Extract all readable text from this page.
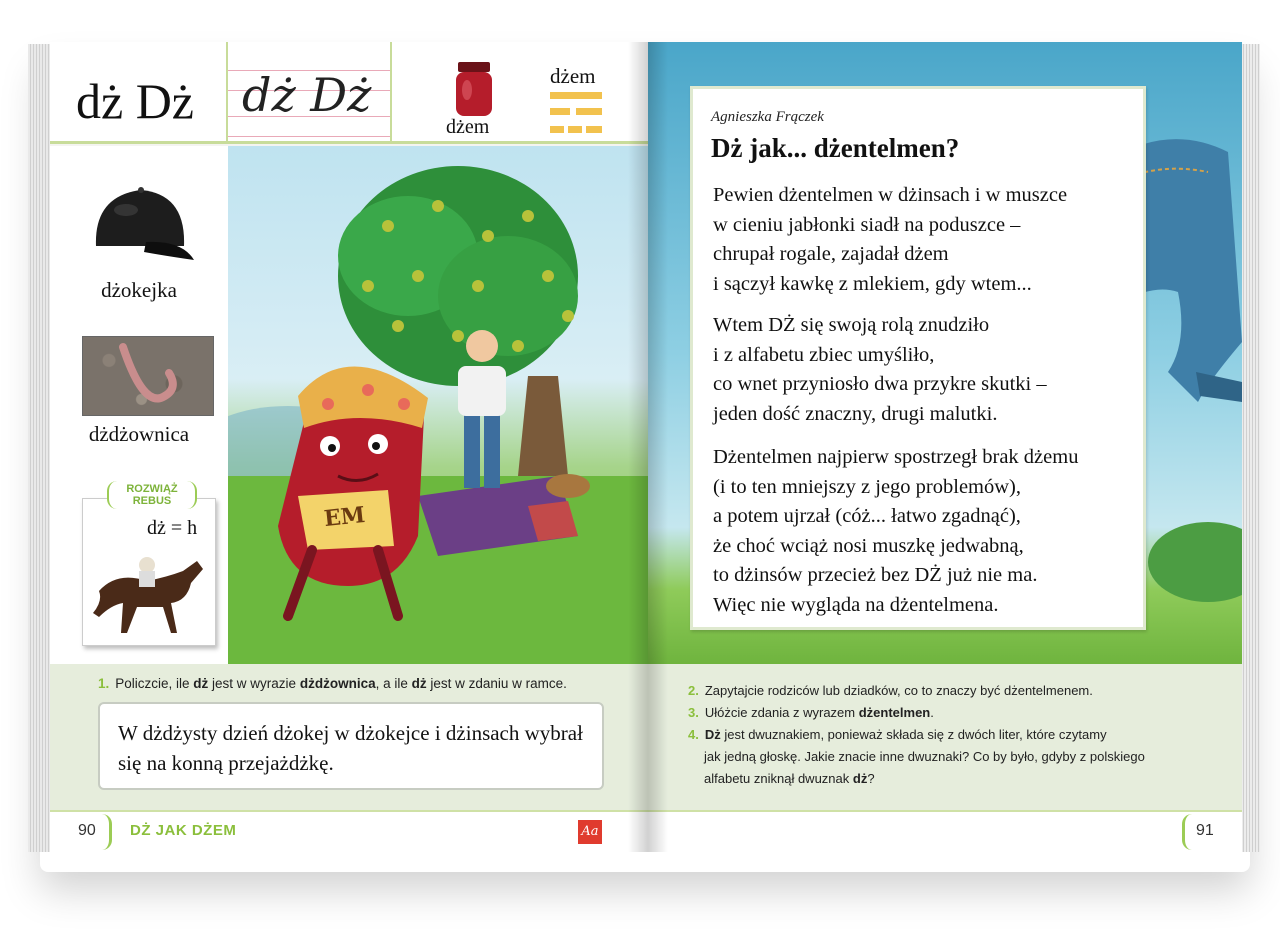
dż Dż dż Dż
dżem
dżem
dżokejka
dżdżownica
ROZWIĄŻ REBUS
dż = h	EM
1. Policzcie, ile dż jest w wyrazie dżdżownica, a ile dż jest w zdaniu w ramce.
W dżdżysty dzień dżokej w dżokejce i dżinsach wybrał się na konną przejażdżkę.
90 DŻ JAK DŻEM	Aa
Agnieszka Frączek
Dż jak... dżentelmen?
Pewien dżentelmen w dżinsach i w muszce
w cieniu jabłonki siadł na poduszce –
chrupał rogale, zajadał dżem
i sączył kawkę z mlekiem, gdy wtem...
Wtem DŻ się swoją rolą znudziło
i z alfabetu zbiec umyśliło,
co wnet przyniosło dwa przykre skutki –
jeden dość znaczny, drugi malutki.
Dżentelmen najpierw spostrzegł brak dżemu
(i to ten mniejszy z jego problemów),
a potem ujrzał (cóż... łatwo zgadnąć),
że choć wciąż nosi muszkę jedwabną,
to dżinsów przecież bez DŻ już nie ma.
Więc nie wygląda na dżentelmena.
2. Zapytajcie rodziców lub dziadków, co to znaczy być dżentelmenem.
3. Ułóżcie zdania z wyrazem dżentelmen.
4. Dż jest dwuznakiem, ponieważ składa się z dwóch liter, które czytamy
jak jedną głoskę. Jakie znacie inne dwuznaki? Co by było, gdyby z polskiego
alfabetu zniknął dwuznak dż?
91
